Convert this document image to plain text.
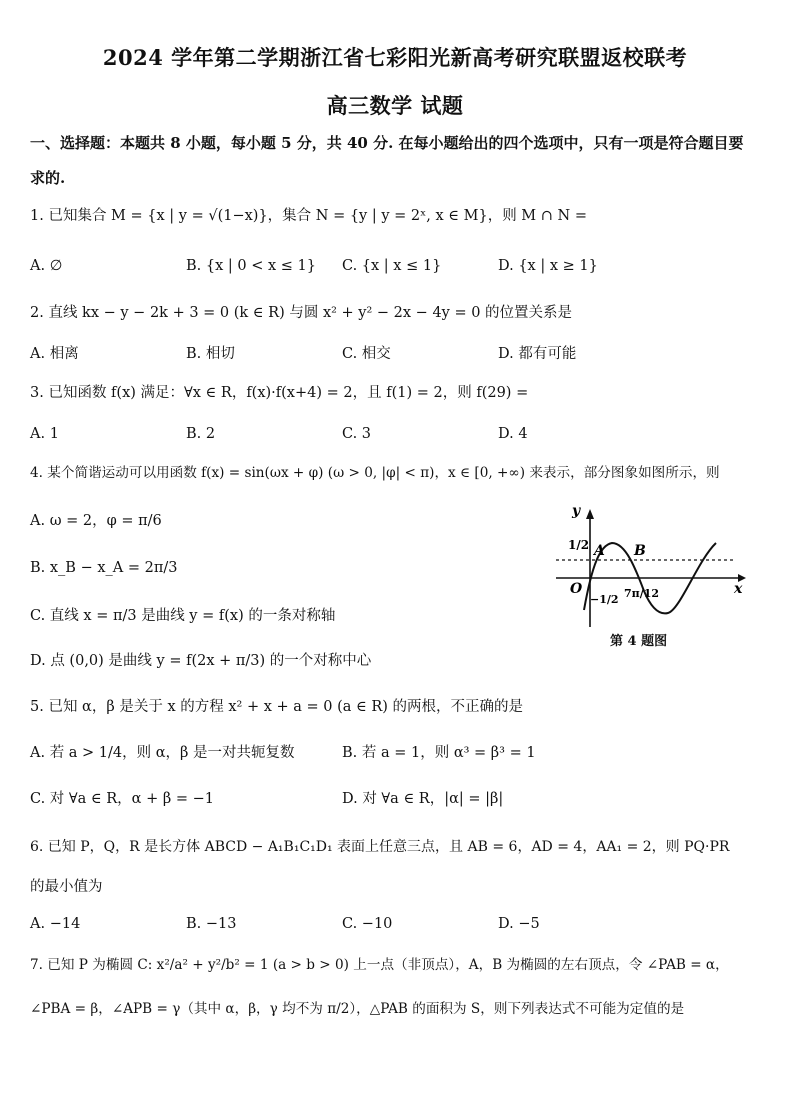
2024 学年第二学期浙江省七彩阳光新高考研究联盟返校联考
高三数学 试题
一、选择题：本题共 8 小题，每小题 5 分，共 40 分. 在每小题给出的四个选项中，只有一项是符合题目要
求的.
1. 已知集合 M = {x | y = √(1−x)}，集合 N = {y | y = 2ˣ, x ∈ M}，则 M ∩ N =
A. ∅	B. {x | 0 < x ≤ 1} C. {x | x ≤ 1}	D. {x | x ≥ 1}
2. 直线 kx − y − 2k + 3 = 0 (k ∈ R) 与圆 x² + y² − 2x − 4y = 0 的位置关系是
A. 相离	B. 相切	C. 相交	D. 都有可能
3. 已知函数 f(x) 满足：∀x ∈ R，f(x)·f(x+4) = 2，且 f(1) = 2，则 f(29) =
A. 1	B. 2	C. 3	D. 4
4. 某个简谐运动可以用函数 f(x) = sin(ωx + φ) (ω > 0, |φ| < π)，x ∈ [0, +∞) 来表示，部分图象如图所示，则
A. ω = 2，φ = π/6
B. x_B − x_A = 2π/3
C. 直线 x = π/3 是曲线 y = f(x) 的一条对称轴
D. 点 (0,0) 是曲线 y = f(2x + π/3) 的一个对称中心
y
1/2 A B
O
−1/2 7π/12	x
第 4 题图
5. 已知 α，β 是关于 x 的方程 x² + x + a = 0 (a ∈ R) 的两根，不正确的是
A. 若 a > 1/4，则 α，β 是一对共轭复数	B. 若 a = 1，则 α³ = β³ = 1
C. 对 ∀a ∈ R，α + β = −1	D. 对 ∀a ∈ R，|α| = |β|
6. 已知 P，Q，R 是长方体 ABCD − A₁B₁C₁D₁ 表面上任意三点，且 AB = 6，AD = 4，AA₁ = 2，则 PQ·PR
的最小值为
A. −14	B. −13	C. −10	D. −5
7. 已知 P 为椭圆 C: x²/a² + y²/b² = 1 (a > b > 0) 上一点（非顶点），A，B 为椭圆的左右顶点，令 ∠PAB = α，
∠PBA = β，∠APB = γ（其中 α，β，γ 均不为 π/2），△PAB 的面积为 S，则下列表达式不可能为定值的是
